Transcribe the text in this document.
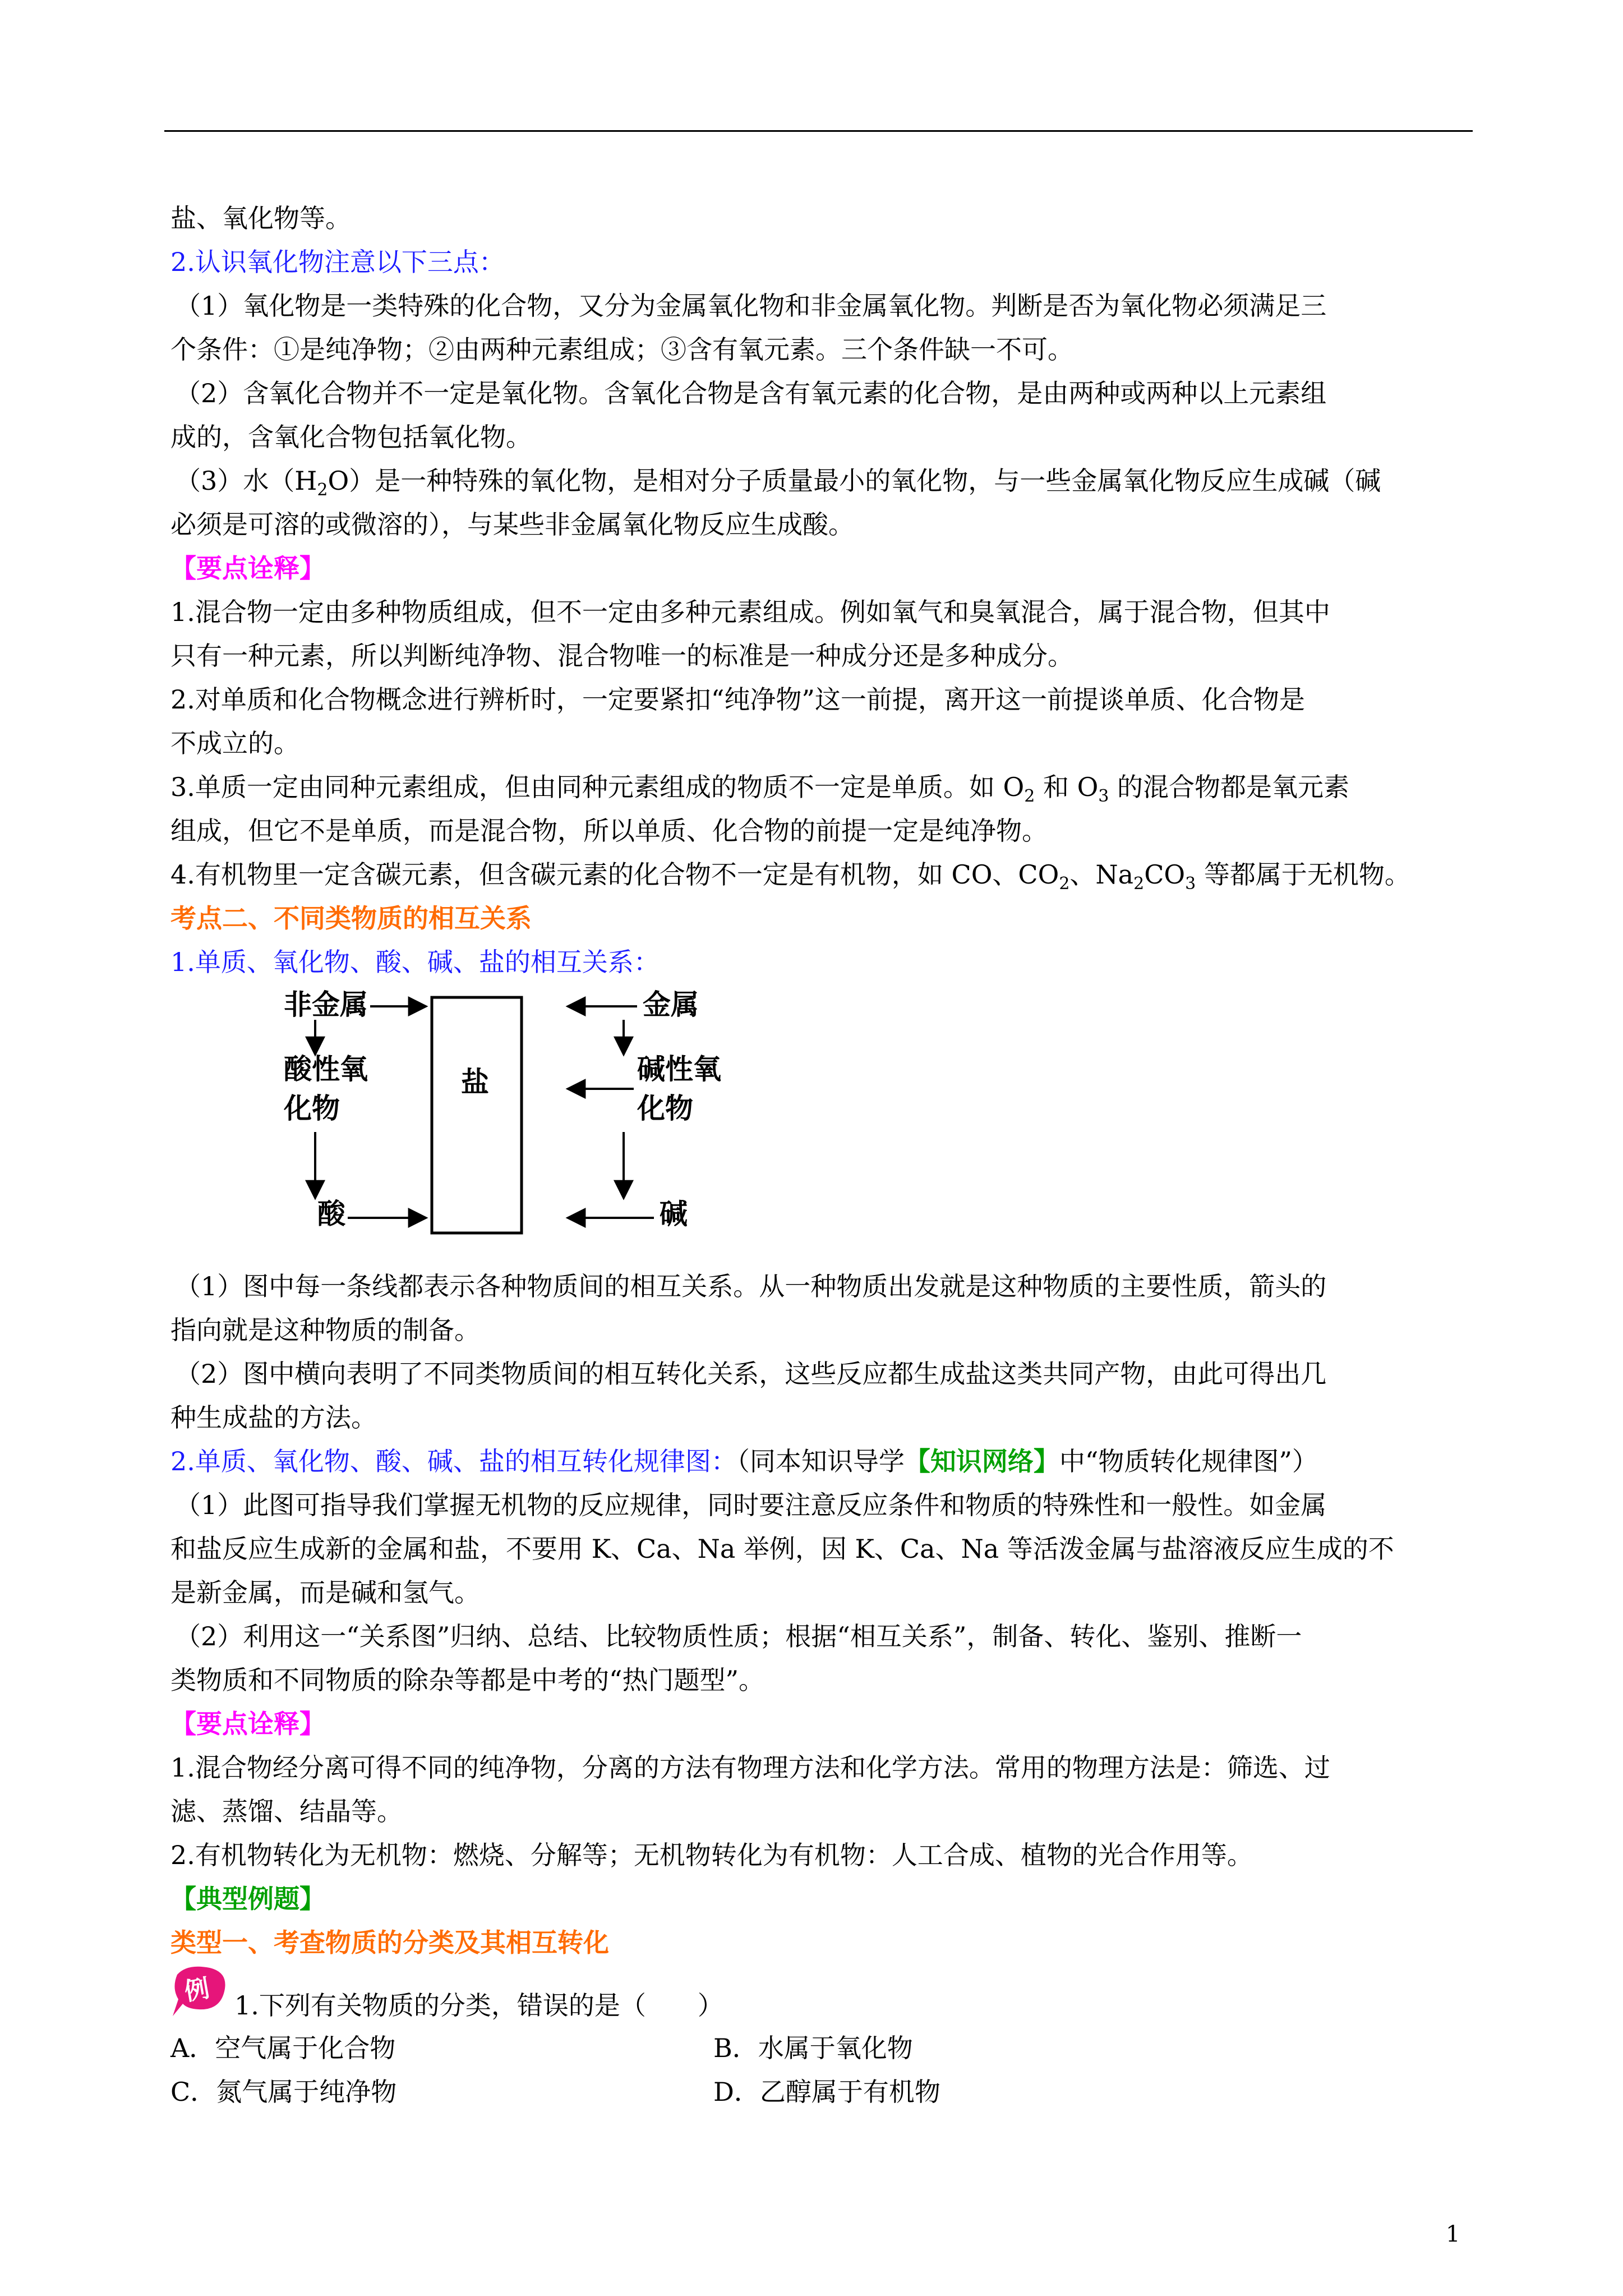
盐、氧化物等。
2.认识氧化物注意以下三点：
（1）氧化物是一类特殊的化合物，又分为金属氧化物和非金属氧化物。判断是否为氧化物必须满足三
个条件：①是纯净物；②由两种元素组成；③含有氧元素。三个条件缺一不可。
（2）含氧化合物并不一定是氧化物。含氧化合物是含有氧元素的化合物，是由两种或两种以上元素组
成的，含氧化合物包括氧化物。
（3）水$(H_2O)$是一种特殊的氧化物，是相对分子质量最小的氧化物，与一些金属氧化物反应生成碱（碱
必须是可溶的或微溶的），与某些非金属氧化物反应生成酸。
【要点诠释】
1.混合物一定由多种物质组成，但不一定由多种元素组成。例如氧气和臭氧混合，属于混合物，但其中
只有一种元素，所以判断纯净物、混合物唯一的标准是一种成分还是多种成分。
2.对单质和化合物概念进行辨析时，一定要紧扣“纯净物”这一前提，离开这一前提谈单质、化合物是
不成立的。
3.单质一定由同种元素组成，但由同种元素组成的物质不一定是单质。如 $O_2$ 和 $O_3$ 的混合物都是氧元素
组成，但它不是单质，而是混合物，所以单质、化合物的前提一定是纯净物。
4.有机物里一定含碳元素，但含碳元素的化合物不一定是有机物，如 CO、$CO_2$、$Na_2CO_3$ 等都属于无机物。
考点二、不同类物质的相互关系
1.单质、氧化物、酸、碱、盐的相互关系：
盐
非金属
酸性氧
化物
酸
金属
碱性氧
化物
碱
（1）图中每一条线都表示各种物质间的相互关系。从一种物质出发就是这种物质的主要性质，箭头的
指向就是这种物质的制备。
（2）图中横向表明了不同类物质间的相互转化关系，这些反应都生成盐这类共同产物，由此可得出几
种生成盐的方法。
2.单质、氧化物、酸、碱、盐的相互转化规律图：（同本知识导学【知识网络】中“物质转化规律图”）
（1）此图可指导我们掌握无机物的反应规律，同时要注意反应条件和物质的特殊性和一般性。如金属
和盐反应生成新的金属和盐，不要用 K、Ca、Na 举例，因 K、Ca、Na 等活泼金属与盐溶液反应生成的不
是新金属，而是碱和氢气。
（2）利用这一“关系图”归纳、总结、比较物质性质；根据“相互关系”，制备、转化、鉴别、推断一
类物质和不同物质的除杂等都是中考的“热门题型”。
【要点诠释】
1.混合物经分离可得不同的纯净物，分离的方法有物理方法和化学方法。常用的物理方法是：筛选、过
滤、蒸馏、结晶等。
2.有机物转化为无机物：燃烧、分解等；无机物转化为有机物：人工合成、植物的光合作用等。
【典型例题】
类型一、考查物质的分类及其相互转化
例 1.下列有关物质的分类，错误的是（　　）
A．空气属于化合物	B．水属于氧化物
C．氮气属于纯净物	D．乙醇属于有机物
1
